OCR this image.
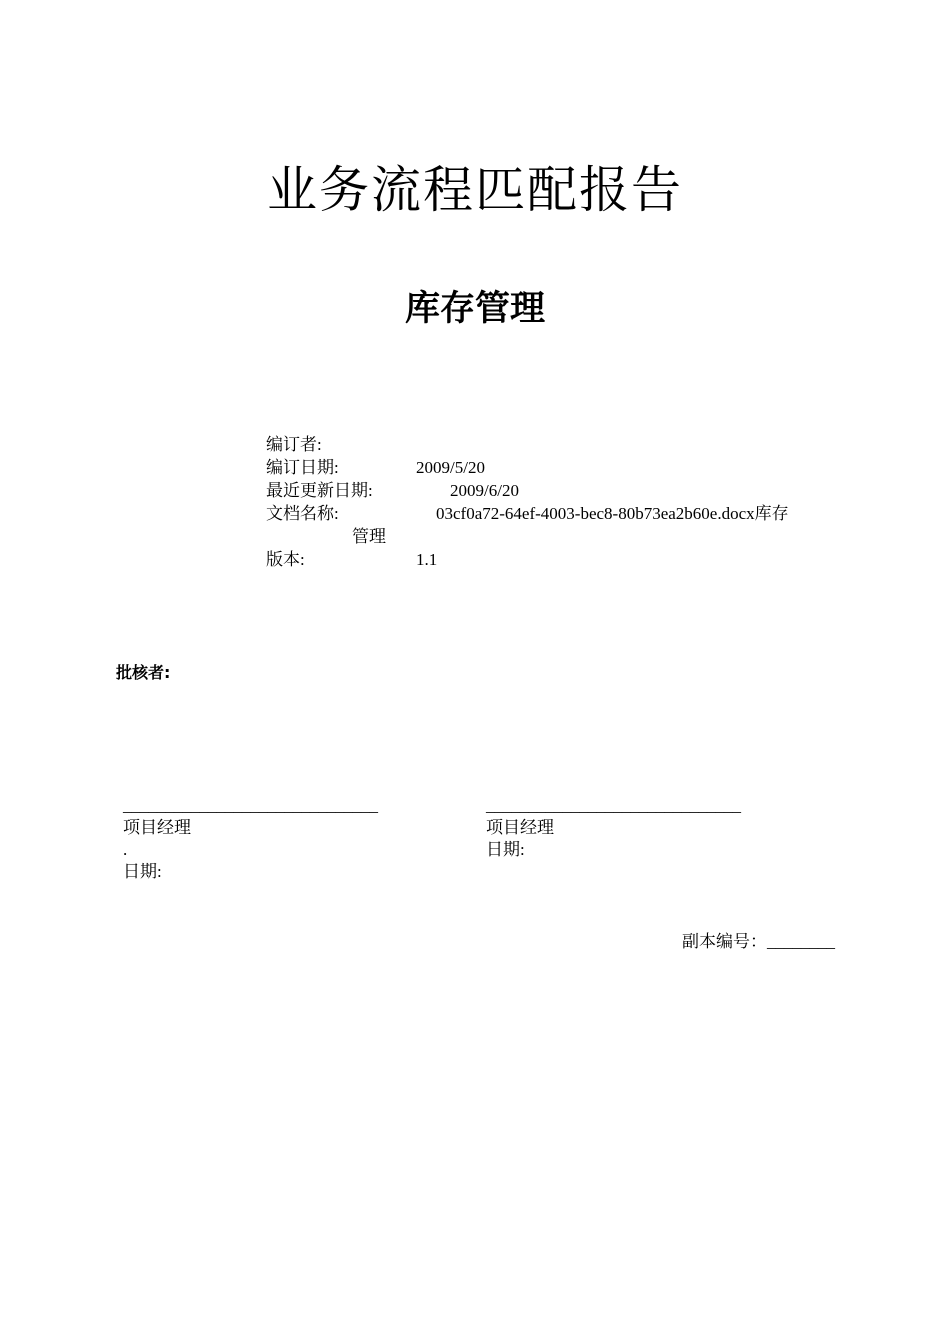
业务流程匹配报告
库存管理
编订者:
编订日期:	2009/5/20
最近更新日期:	2009/6/20
文档名称:	03cf0a72-64ef-4003-bec8-80b73ea2b60e.docx库存
管理
版本:	1.1
批核者:
______________________________
项目经理
.
日期:
______________________________
项目经理
日期:
副本编号：________
